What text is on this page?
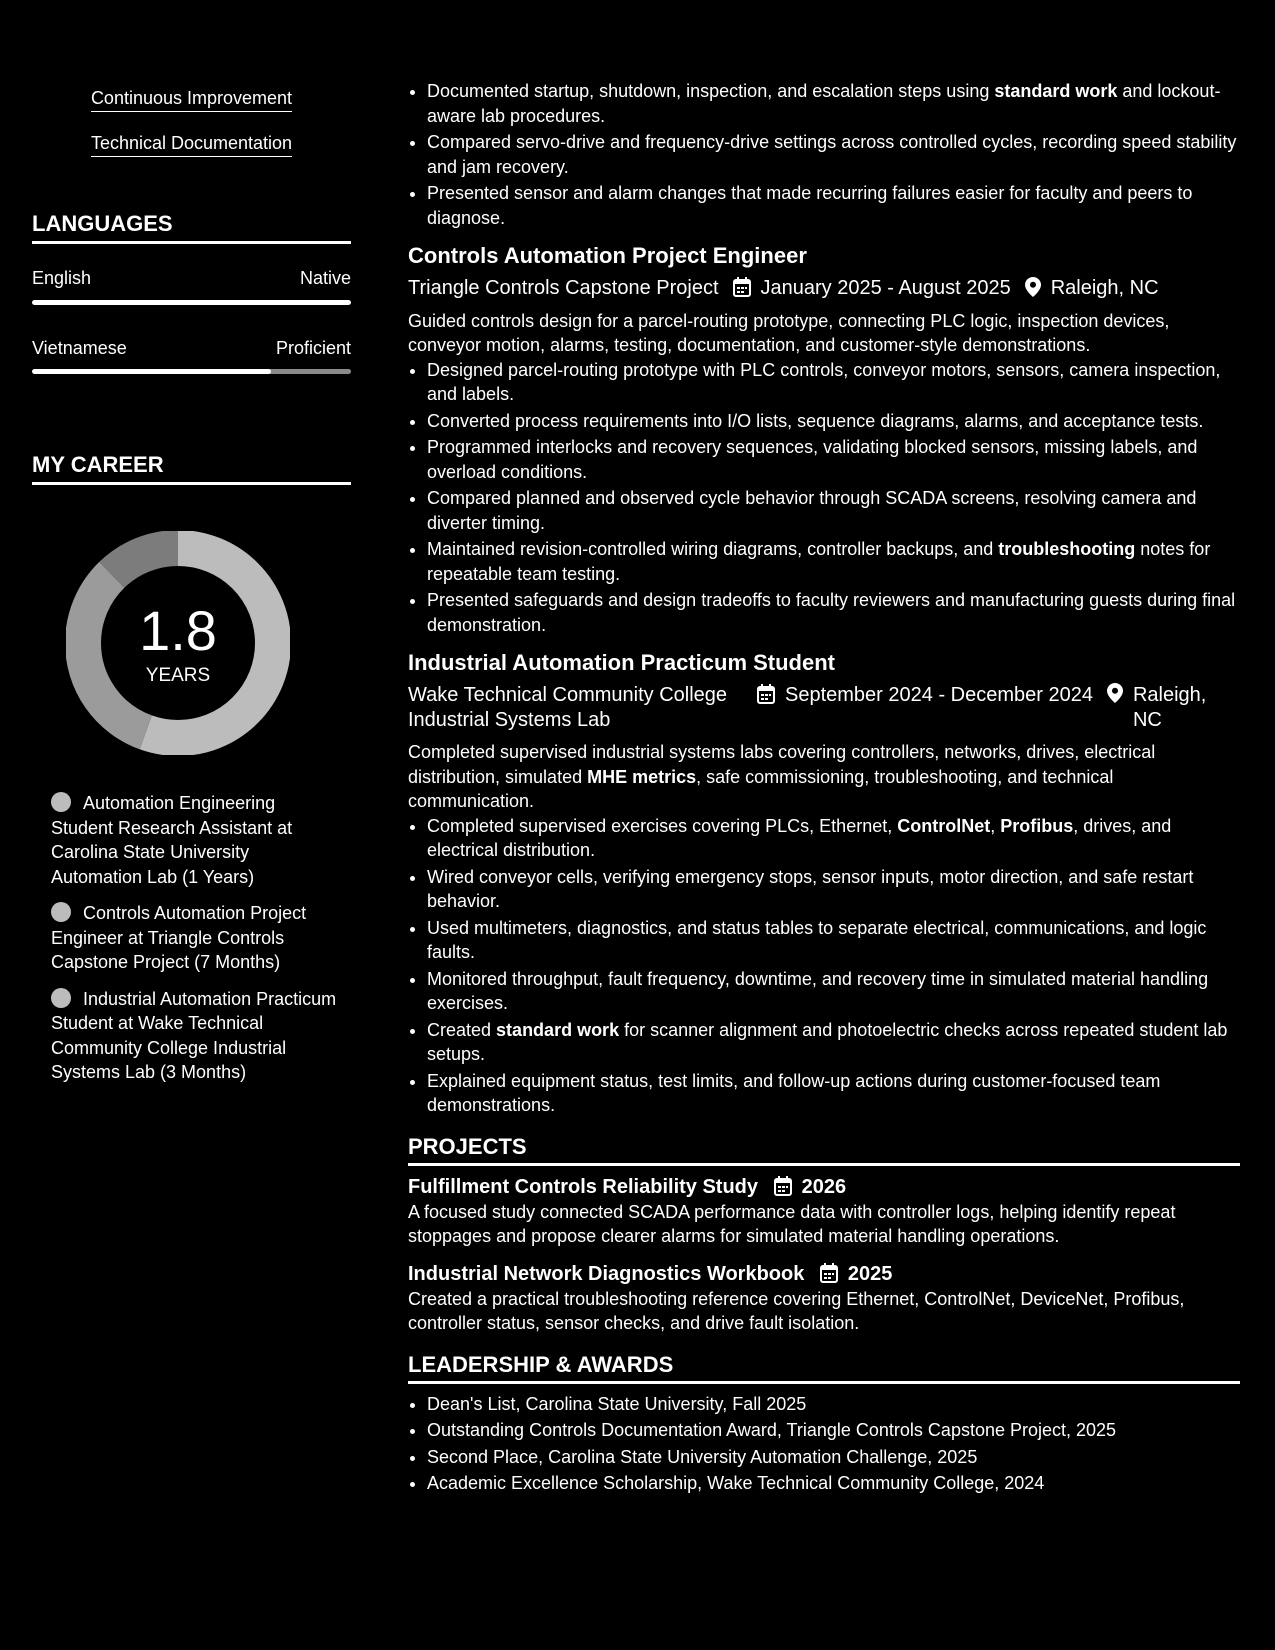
Continuous Improvement
Technical Documentation
LANGUAGES
English	Native
Vietnamese	Proficient
MY CAREER
1.8
YEARS
Automation Engineering Student Research Assistant at Carolina State University Automation Lab (1 Years)
Controls Automation Project Engineer at Triangle Controls Capstone Project (7 Months)
Industrial Automation Practicum Student at Wake Technical Community College Industrial Systems Lab (3 Months)
• Documented startup, shutdown, inspection, and escalation steps using standard work and lockout-aware lab procedures.
• Compared servo-drive and frequency-drive settings across controlled cycles, recording speed stability and jam recovery.
• Presented sensor and alarm changes that made recurring failures easier for faculty and peers to diagnose.
Controls Automation Project Engineer
Triangle Controls Capstone Project	January 2025 - August 2025	Raleigh, NC
Guided controls design for a parcel-routing prototype, connecting PLC logic, inspection devices, conveyor motion, alarms, testing, documentation, and customer-style demonstrations.
• Designed parcel-routing prototype with PLC controls, conveyor motors, sensors, camera inspection, and labels.
• Converted process requirements into I/O lists, sequence diagrams, alarms, and acceptance tests.
• Programmed interlocks and recovery sequences, validating blocked sensors, missing labels, and overload conditions.
• Compared planned and observed cycle behavior through SCADA screens, resolving camera and diverter timing.
• Maintained revision-controlled wiring diagrams, controller backups, and troubleshooting notes for repeatable team testing.
• Presented safeguards and design tradeoffs to faculty reviewers and manufacturing guests during final demonstration.
Industrial Automation Practicum Student
Wake Technical Community College Industrial Systems Lab
September 2024 - December 2024 Raleigh, NC
Completed supervised industrial systems labs covering controllers, networks, drives, electrical distribution, simulated MHE metrics, safe commissioning, troubleshooting, and technical communication.
• Completed supervised exercises covering PLCs, Ethernet, ControlNet, Profibus, drives, and electrical distribution.
• Wired conveyor cells, verifying emergency stops, sensor inputs, motor direction, and safe restart behavior.
• Used multimeters, diagnostics, and status tables to separate electrical, communications, and logic faults.
• Monitored throughput, fault frequency, downtime, and recovery time in simulated material handling exercises.
• Created standard work for scanner alignment and photoelectric checks across repeated student lab setups.
• Explained equipment status, test limits, and follow-up actions during customer-focused team demonstrations.
PROJECTS
Fulfillment Controls Reliability Study 2026
A focused study connected SCADA performance data with controller logs, helping identify repeat stoppages and propose clearer alarms for simulated material handling operations.
Industrial Network Diagnostics Workbook 2025
Created a practical troubleshooting reference covering Ethernet, ControlNet, DeviceNet, Profibus, controller status, sensor checks, and drive fault isolation.
LEADERSHIP & AWARDS
• Dean's List, Carolina State University, Fall 2025
• Outstanding Controls Documentation Award, Triangle Controls Capstone Project, 2025
• Second Place, Carolina State University Automation Challenge, 2025
• Academic Excellence Scholarship, Wake Technical Community College, 2024
